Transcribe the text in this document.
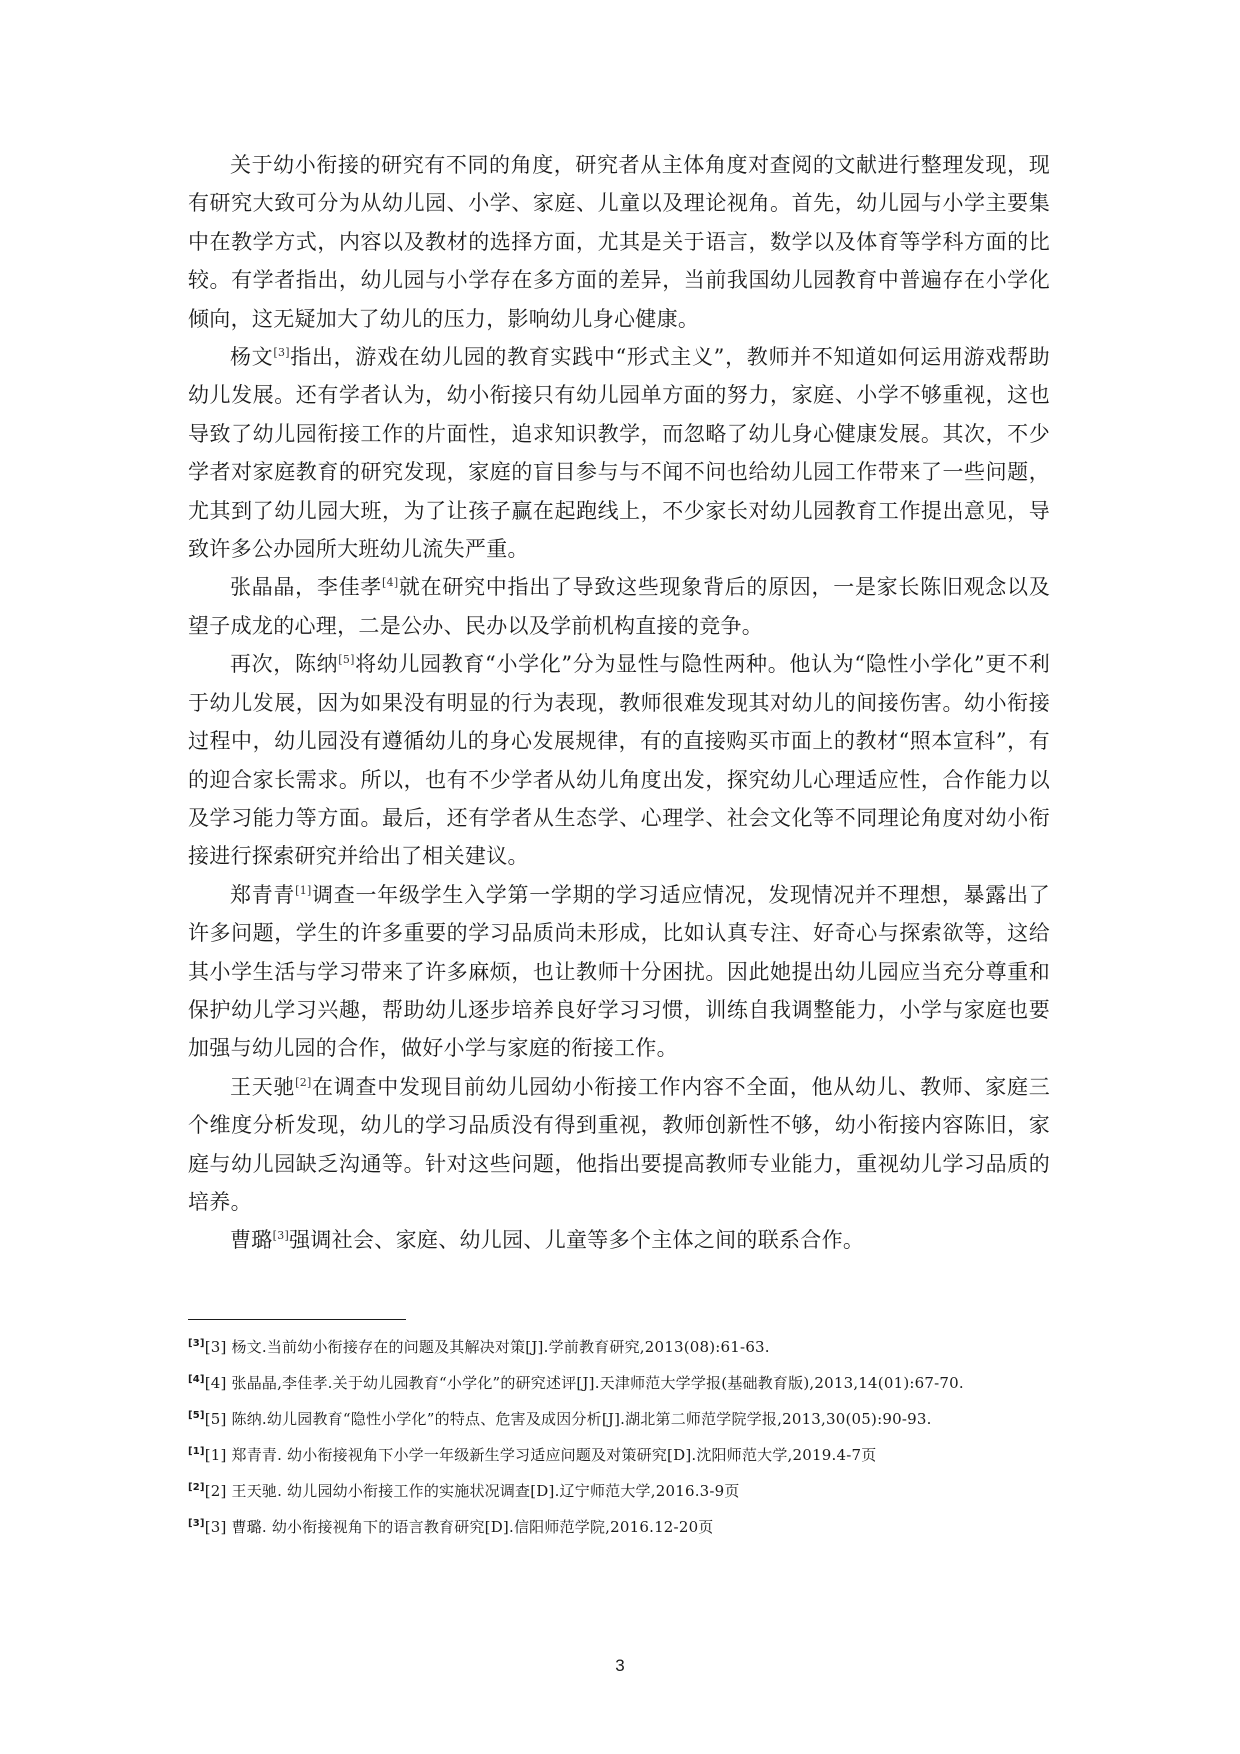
关于幼小衔接的研究有不同的角度，研究者从主体角度对查阅的文献进行整理发现，现有研究大致可分为从幼儿园、小学、家庭、儿童以及理论视角。首先，幼儿园与小学主要集中在教学方式，内容以及教材的选择方面，尤其是关于语言，数学以及体育等学科方面的比较。有学者指出，幼儿园与小学存在多方面的差异，当前我国幼儿园教育中普遍存在小学化倾向，这无疑加大了幼儿的压力，影响幼儿身心健康。

杨文[3]指出，游戏在幼儿园的教育实践中“形式主义”，教师并不知道如何运用游戏帮助幼儿发展。还有学者认为，幼小衔接只有幼儿园单方面的努力，家庭、小学不够重视，这也导致了幼儿园衔接工作的片面性，追求知识教学，而忽略了幼儿身心健康发展。其次，不少学者对家庭教育的研究发现，家庭的盲目参与与不闻不问也给幼儿园工作带来了一些问题，尤其到了幼儿园大班，为了让孩子赢在起跑线上，不少家长对幼儿园教育工作提出意见，导致许多公办园所大班幼儿流失严重。

张晶晶，李佳孝[4]就在研究中指出了导致这些现象背后的原因，一是家长陈旧观念以及望子成龙的心理，二是公办、民办以及学前机构直接的竞争。

再次，陈纳[5]将幼儿园教育“小学化”分为显性与隐性两种。他认为“隐性小学化”更不利于幼儿发展，因为如果没有明显的行为表现，教师很难发现其对幼儿的间接伤害。幼小衔接过程中，幼儿园没有遵循幼儿的身心发展规律，有的直接购买市面上的教材“照本宣科”，有的迎合家长需求。所以，也有不少学者从幼儿角度出发，探究幼儿心理适应性，合作能力以及学习能力等方面。最后，还有学者从生态学、心理学、社会文化等不同理论角度对幼小衔接进行探索研究并给出了相关建议。

郑青青[1]调查一年级学生入学第一学期的学习适应情况，发现情况并不理想，暴露出了许多问题，学生的许多重要的学习品质尚未形成，比如认真专注、好奇心与探索欲等，这给其小学生活与学习带来了许多麻烦，也让教师十分困扰。因此她提出幼儿园应当充分尊重和保护幼儿学习兴趣，帮助幼儿逐步培养良好学习习惯，训练自我调整能力，小学与家庭也要加强与幼儿园的合作，做好小学与家庭的衔接工作。

王天驰[2]在调查中发现目前幼儿园幼小衔接工作内容不全面，他从幼儿、教师、家庭三个维度分析发现，幼儿的学习品质没有得到重视，教师创新性不够，幼小衔接内容陈旧，家庭与幼儿园缺乏沟通等。针对这些问题，他指出要提高教师专业能力，重视幼儿学习品质的培养。

曹璐[3]强调社会、家庭、幼儿园、儿童等多个主体之间的联系合作。

[3][3] 杨文.当前幼小衔接存在的问题及其解决对策[J].学前教育研究,2013(08):61-63.

[4][4] 张晶晶,李佳孝.关于幼儿园教育“小学化”的研究述评[J].天津师范大学学报(基础教育版),2013,14(01):67-70.

[5][5] 陈纳.幼儿园教育“隐性小学化”的特点、危害及成因分析[J].湖北第二师范学院学报,2013,30(05):90-93.

[1][1] 郑青青. 幼小衔接视角下小学一年级新生学习适应问题及对策研究[D].沈阳师范大学,2019.4-7页

[2][2] 王天驰. 幼儿园幼小衔接工作的实施状况调查[D].辽宁师范大学,2016.3-9页

[3][3] 曹璐. 幼小衔接视角下的语言教育研究[D].信阳师范学院,2016.12-20页

3
